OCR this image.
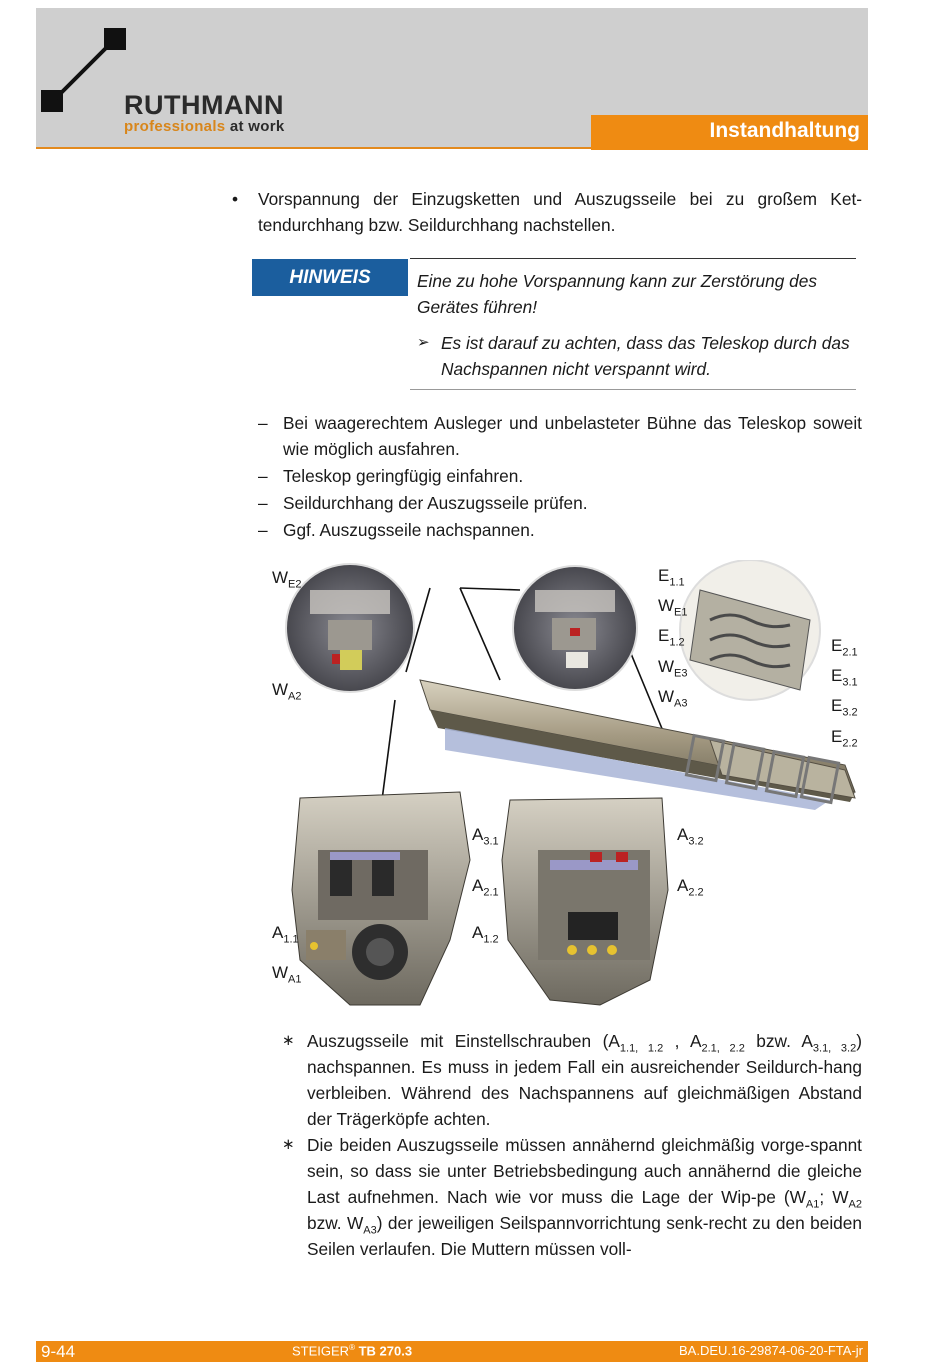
RUTHMANN
professionals at work	Instandhaltung
• Vorspannung der Einzugsketten und Auszugsseile bei zu großem Ket-tendurchhang bzw. Seildurchhang nachstellen.
HINWEIS	Eine zu hohe Vorspannung kann zur Zerstörung des Gerätes führen!
➢ Es ist darauf zu achten, dass das Teleskop durch das Nachspannen nicht verspannt wird.
– Bei waagerechtem Ausleger und unbelasteter Bühne das Teleskop soweit wie möglich ausfahren.
– Teleskop geringfügig einfahren.
– Seildurchhang der Auszugsseile prüfen.
– Ggf. Auszugsseile nachspannen.
$W_{E2}$
$W_{A2}$
$E_{1.1}$
$W_{E1}$
$E_{1.2}$
$W_{E3}$
$W_{A3}$
$E_{2.1}$
$E_{3.1}$
$E_{3.2}$
$E_{2.2}$
$A_{3.1}$	$A_{3.2}$
$A_{2.1}$	$A_{2.2}$
$A_{1.1}$	$A_{1.2}$
$W_{A1}$
∗ Auszugsseile mit Einstellschrauben ($A_{1.1, 1.2}$ , $A_{2.1, 2.2}$ bzw. $A_{3.1, 3.2}$) nachspannen. Es muss in jedem Fall ein ausreichender Seildurch-hang verbleiben. Während des Nachspannens auf gleichmäßigen Abstand der Trägerköpfe achten.
∗ Die beiden Auszugsseile müssen annähernd gleichmäßig vorge-spannt sein, so dass sie unter Betriebsbedingung auch annähernd die gleiche Last aufnehmen. Nach wie vor muss die Lage der Wip-pe ($W_{A1}$; $W_{A2}$ bzw. $W_{A3}$) der jeweiligen Seilspannvorrichtung senk-recht zu den beiden Seilen verlaufen. Die Muttern müssen voll-
9-44	STEIGER® TB 270.3	BA.DEU.16-29874-06-20-FTA-jr
